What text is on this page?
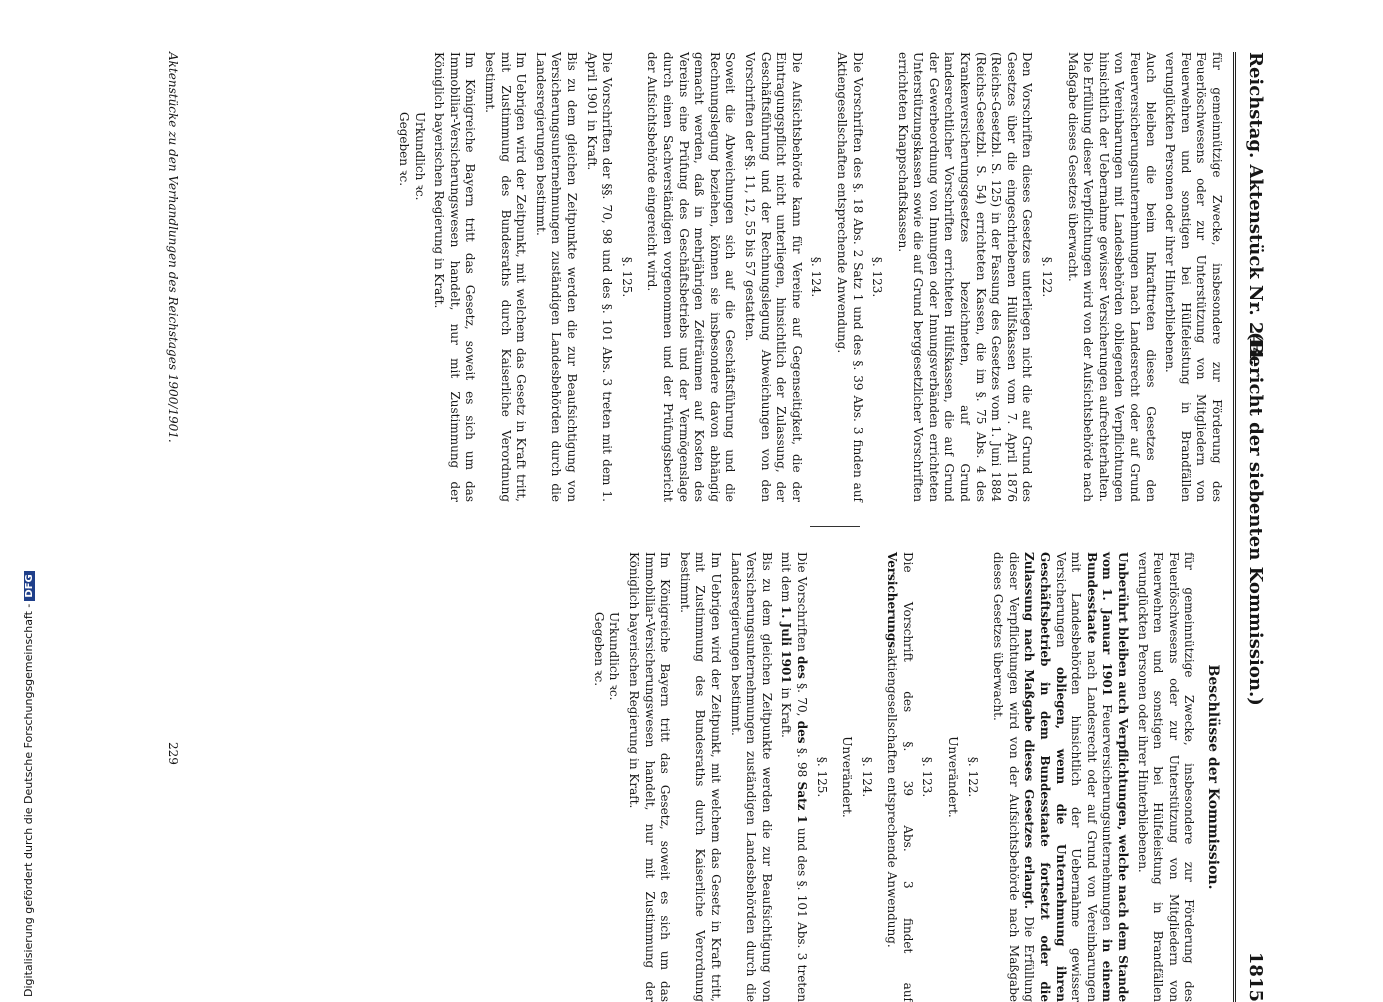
Reichstag. Aktenstück Nr. 244.
(Bericht der siebenten Kommission.)
1815

für gemeinnützige Zwecke, insbesondere zur Förderung des Feuerlöschwesens oder zur Unterstützung von Mitgliedern von Feuerwehren und sonstigen bei Hülfeleistung in Brandfällen verunglückten Personen oder ihrer Hinterbliebenen.

Auch bleiben die beim Inkrafttreten dieses Gesetzes den Feuerversicherungsunternehmungen nach Landesrecht oder auf Grund von Vereinbarungen mit Landesbehörden obliegenden Verpflichtungen hinsichtlich der Uebernahme gewisser Versicherungen aufrechterhalten. Die Erfüllung dieser Verpflichtungen wird von der Aufsichtsbehörde nach Maßgabe dieses Gesetzes überwacht.

§. 122.

Den Vorschriften dieses Gesetzes unterliegen nicht die auf Grund des Gesetzes über die eingeschriebenen Hülfskassen vom 7. April 1876 (Reichs-Gesetzbl. S. 125) in der Fassung des Gesetzes vom 1. Juni 1884 (Reichs-Gesetzbl. S. 54) errichteten Kassen, die im §. 75 Abs. 4 des Krankenversicherungsgesetzes bezeichneten, auf Grund landesrechtlicher Vorschriften errichteten Hülfskassen, die auf Grund der Gewerbeordnung von Innungen oder Innungsverbänden errichteten Unterstützungskassen sowie die auf Grund berggesetzlicher Vorschriften errichteten Knappschaftskassen.

§. 123.

Die Vorschriften des §. 18 Abs. 2 Satz 1 und des §. 39 Abs. 3 finden auf Aktiengesellschaften entsprechende Anwendung.

§. 124.

Die Aufsichtsbehörde kann für Vereine auf Gegenseitigkeit, die der Eintragungspflicht nicht unterliegen, hinsichtlich der Zulassung, der Geschäftsführung und der Rechnungslegung Abweichungen von den Vorschriften der §§. 11, 12, 55 bis 57 gestatten.

Soweit die Abweichungen sich auf die Geschäftsführung und die Rechnungslegung beziehen, können sie insbesondere davon abhängig gemacht werden, daß in mehrjährigen Zeiträumen auf Kosten des Vereins eine Prüfung des Geschäftsbetriebs und der Vermögenslage durch einen Sachverständigen vorgenommen und der Prüfungsbericht der Aufsichtsbehörde eingereicht wird.

§. 125.

Die Vorschriften der §§. 70, 98 und des §. 101 Abs. 3 treten mit dem 1. April 1901 in Kraft.

Bis zu dem gleichen Zeitpunkte werden die zur Beaufsichtigung von Versicherungsunternehmungen zuständigen Landesbehörden durch die Landesregierungen bestimmt.

Im Uebrigen wird der Zeitpunkt, mit welchem das Gesetz in Kraft tritt, mit Zustimmung des Bundesraths durch Kaiserliche Verordnung bestimmt.

Im Königreiche Bayern tritt das Gesetz, soweit es sich um das Immobiliar-Versicherungswesen handelt, nur mit Zustimmung der Königlich bayerischen Regierung in Kraft.

Urkundlich ꝛc.
Gegeben ꝛc.
Beschlüsse der Kommission.

für gemeinnützige Zwecke, insbesondere zur Förderung des Feuerlöschwesens oder zur Unterstützung von Mitgliedern von Feuerwehren und sonstigen bei Hülfeleistung in Brandfällen verunglückten Personen oder ihrer Hinterbliebenen.

Unberührt bleiben auch Verpflichtungen, welche nach dem Stande vom 1. Januar 1901 Feuerversicherungsunternehmungen in einem Bundesstaate nach Landesrecht oder auf Grund von Vereinbarungen mit Landesbehörden hinsichtlich der Uebernahme gewisser Versicherungen obliegen, wenn die Unternehmung ihren Geschäftsbetrieb in dem Bundesstaate fortsetzt oder die Zulassung nach Maßgabe dieses Gesetzes erlangt. Die Erfüllung dieser Verpflichtungen wird von der Aufsichtsbehörde nach Maßgabe dieses Gesetzes überwacht.

§. 122.
Unverändert.
§. 123.

Die Vorschrift des §. 39 Abs. 3 findet auf Versicherungsaktiengesellschaften entsprechende Anwendung.

§. 124.
Unverändert.
§. 125.

Die Vorschriften des §. 70, des §. 98 Satz 1 und des §. 101 Abs. 3 treten mit dem 1. Juli 1901 in Kraft.

Bis zu dem gleichen Zeitpunkte werden die zur Beaufsichtigung von Versicherungsunternehmungen zuständigen Landesbehörden durch die Landesregierungen bestimmt.

Im Uebrigen wird der Zeitpunkt, mit welchem das Gesetz in Kraft tritt, mit Zustimmung des Bundesraths durch Kaiserliche Verordnung bestimmt.

Im Königreiche Bayern tritt das Gesetz, soweit es sich um das Immobiliar-Versicherungswesen handelt, nur mit Zustimmung der Königlich bayerischen Regierung in Kraft.

Urkundlich ꝛc.
Gegeben ꝛc.
Aktenstücke zu den Verhandlungen des Reichstages 1900/1901.
229
Digitalisierung gefördert durch die Deutsche Forschungsgemeinschaft -DFG
